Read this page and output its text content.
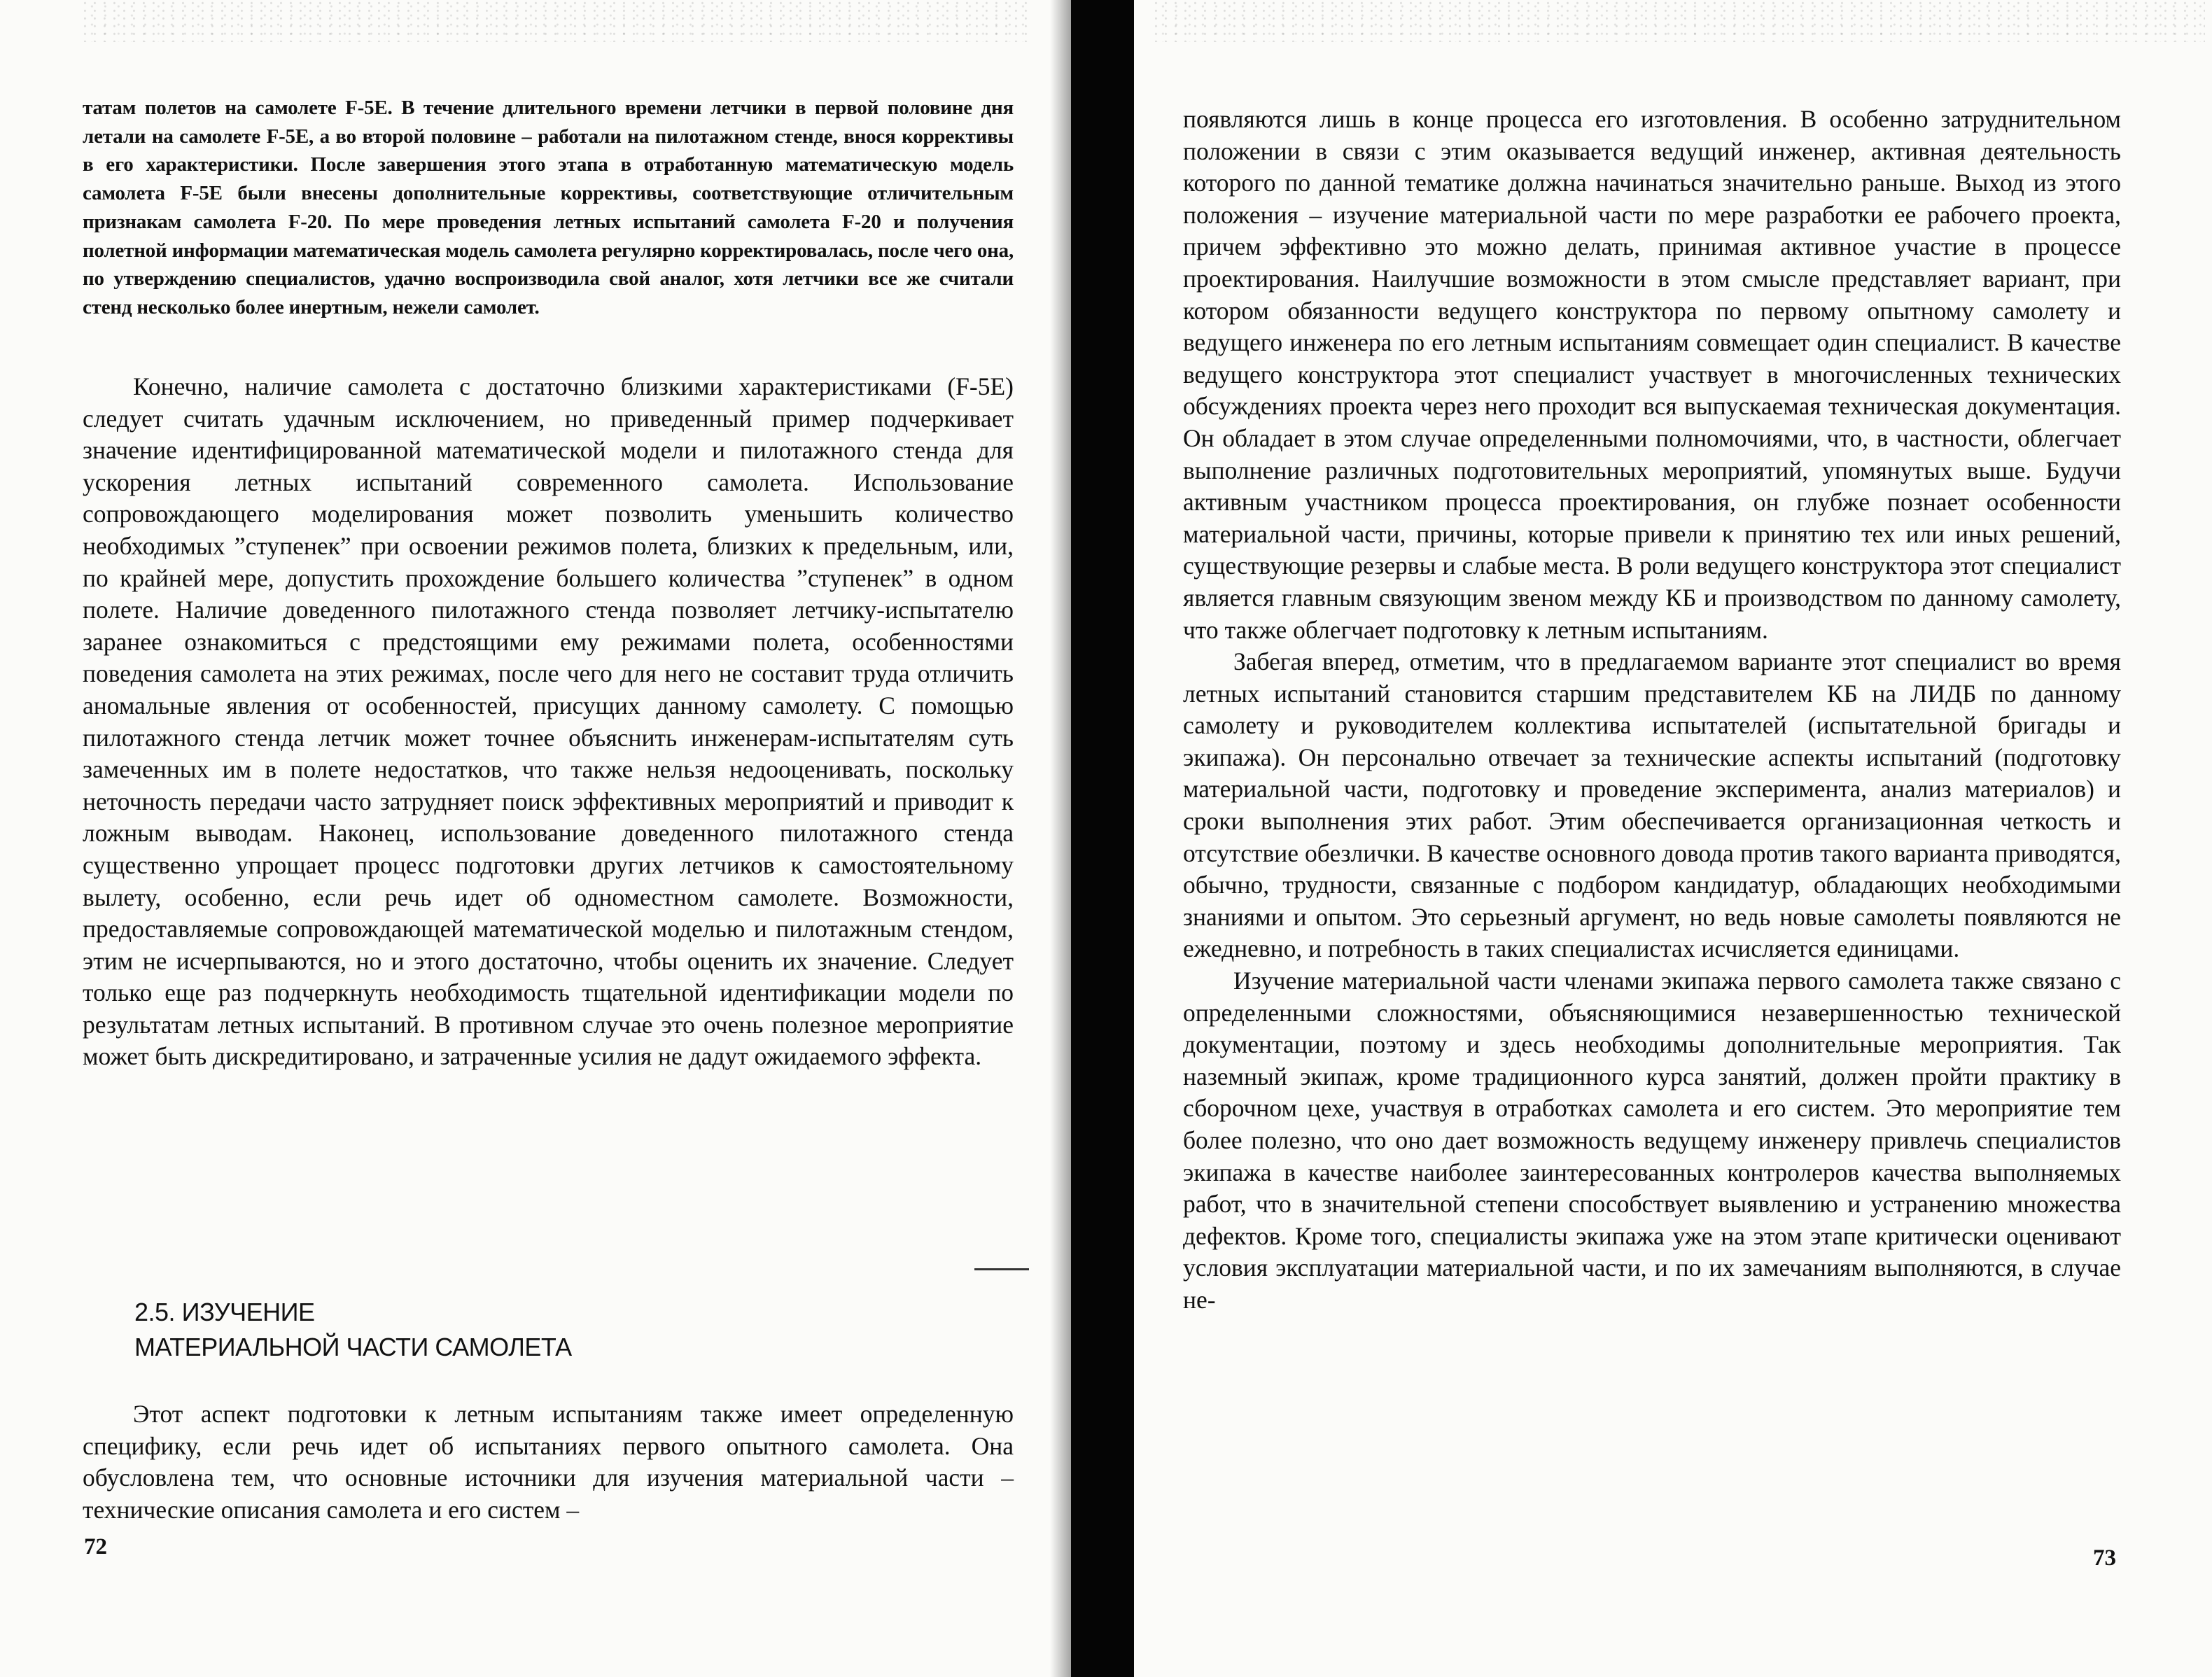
татам полетов на самолете F-5E. В течение длительного времени летчики в первой половине дня летали на самолете F-5E, а во второй половине – работали на пилотажном стенде, внося коррективы в его характеристики. После завершения этого этапа в отработанную математическую модель самолета F-5E были внесены дополнительные коррективы, соответствующие отличительным признакам самолета F-20. По мере проведения летных испытаний самолета F-20 и получения полетной информации математическая модель самолета регулярно корректировалась, после чего она, по утверждению специалистов, удачно воспроизводила свой аналог, хотя летчики все же считали стенд несколько более инертным, нежели самолет.

Конечно, наличие самолета с достаточно близкими характеристиками (F-5E) следует считать удачным исключением, но приведенный пример подчеркивает значение идентифицированной математической модели и пилотажного стенда для ускорения летных испытаний современного самолета. Использование сопровождающего моделирования может позволить уменьшить количество необходимых ”ступенек” при освоении режимов полета, близких к предельным, или, по крайней мере, допустить прохождение большего количества ”ступенек” в одном полете. Наличие доведенного пилотажного стенда позволяет летчику-испытателю заранее ознакомиться с предстоящими ему режимами полета, особенностями поведения самолета на этих режимах, после чего для него не составит труда отличить аномальные явления от особенностей, присущих данному самолету. С помощью пилотажного стенда летчик может точнее объяснить инженерам-испытателям суть замеченных им в полете недостатков, что также нельзя недооценивать, поскольку неточность передачи часто затрудняет поиск эффективных мероприятий и приводит к ложным выводам. Наконец, использование доведенного пилотажного стенда существенно упрощает процесс подготовки других летчиков к самостоятельному вылету, особенно, если речь идет об одноместном самолете. Возможности, предоставляемые сопровождающей математической моделью и пилотажным стендом, этим не исчерпываются, но и этого достаточно, чтобы оценить их значение. Следует только еще раз подчеркнуть необходимость тщательной идентификации модели по результатам летных испытаний. В противном случае это очень полезное мероприятие может быть дискредитировано, и затраченные усилия не дадут ожидаемого эффекта.

2.5. ИЗУЧЕНИЕ
МАТЕРИАЛЬНОЙ ЧАСТИ САМОЛЕТА

Этот аспект подготовки к летным испытаниям также имеет определенную специфику, если речь идет об испытаниях первого опытного самолета. Она обусловлена тем, что основные источники для изучения материальной части – технические описания самолета и его систем –

72

появляются лишь в конце процесса его изготовления. В особенно затруднительном положении в связи с этим оказывается ведущий инженер, активная деятельность которого по данной тематике должна начинаться значительно раньше. Выход из этого положения – изучение материальной части по мере разработки ее рабочего проекта, причем эффективно это можно делать, принимая активное участие в процессе проектирования. Наилучшие возможности в этом смысле представляет вариант, при котором обязанности ведущего конструктора по первому опытному самолету и ведущего инженера по его летным испытаниям совмещает один специалист. В качестве ведущего конструктора этот специалист участвует в многочисленных технических обсуждениях проекта через него проходит вся выпускаемая техническая документация. Он обладает в этом случае определенными полномочиями, что, в частности, облегчает выполнение различных подготовительных мероприятий, упомянутых выше. Будучи активным участником процесса проектирования, он глубже познает особенности материальной части, причины, которые привели к принятию тех или иных решений, существующие резервы и слабые места. В роли ведущего конструктора этот специалист является главным связующим звеном между КБ и производством по данному самолету, что также облегчает подготовку к летным испытаниям.

Забегая вперед, отметим, что в предлагаемом варианте этот специалист во время летных испытаний становится старшим представителем КБ на ЛИДБ по данному самолету и руководителем коллектива испытателей (испытательной бригады и экипажа). Он персонально отвечает за технические аспекты испытаний (подготовку материальной части, подготовку и проведение эксперимента, анализ материалов) и сроки выполнения этих работ. Этим обеспечивается организационная четкость и отсутствие обезлички. В качестве основного довода против такого варианта приводятся, обычно, трудности, связанные с подбором кандидатур, обладающих необходимыми знаниями и опытом. Это серьезный аргумент, но ведь новые самолеты появляются не ежедневно, и потребность в таких специалистах исчисляется единицами.

Изучение материальной части членами экипажа первого самолета также связано с определенными сложностями, объясняющимися незавершенностью технической документации, поэтому и здесь необходимы дополнительные мероприятия. Так наземный экипаж, кроме традиционного курса занятий, должен пройти практику в сборочном цехе, участвуя в отработках самолета и его систем. Это мероприятие тем более полезно, что оно дает возможность ведущему инженеру привлечь специалистов экипажа в качестве наиболее заинтересованных контролеров качества выполняемых работ, что в значительной степени способствует выявлению и устранению множества дефектов. Кроме того, специалисты экипажа уже на этом этапе критически оценивают условия эксплуатации материальной части, и по их замечаниям выполняются, в случае не-

73
